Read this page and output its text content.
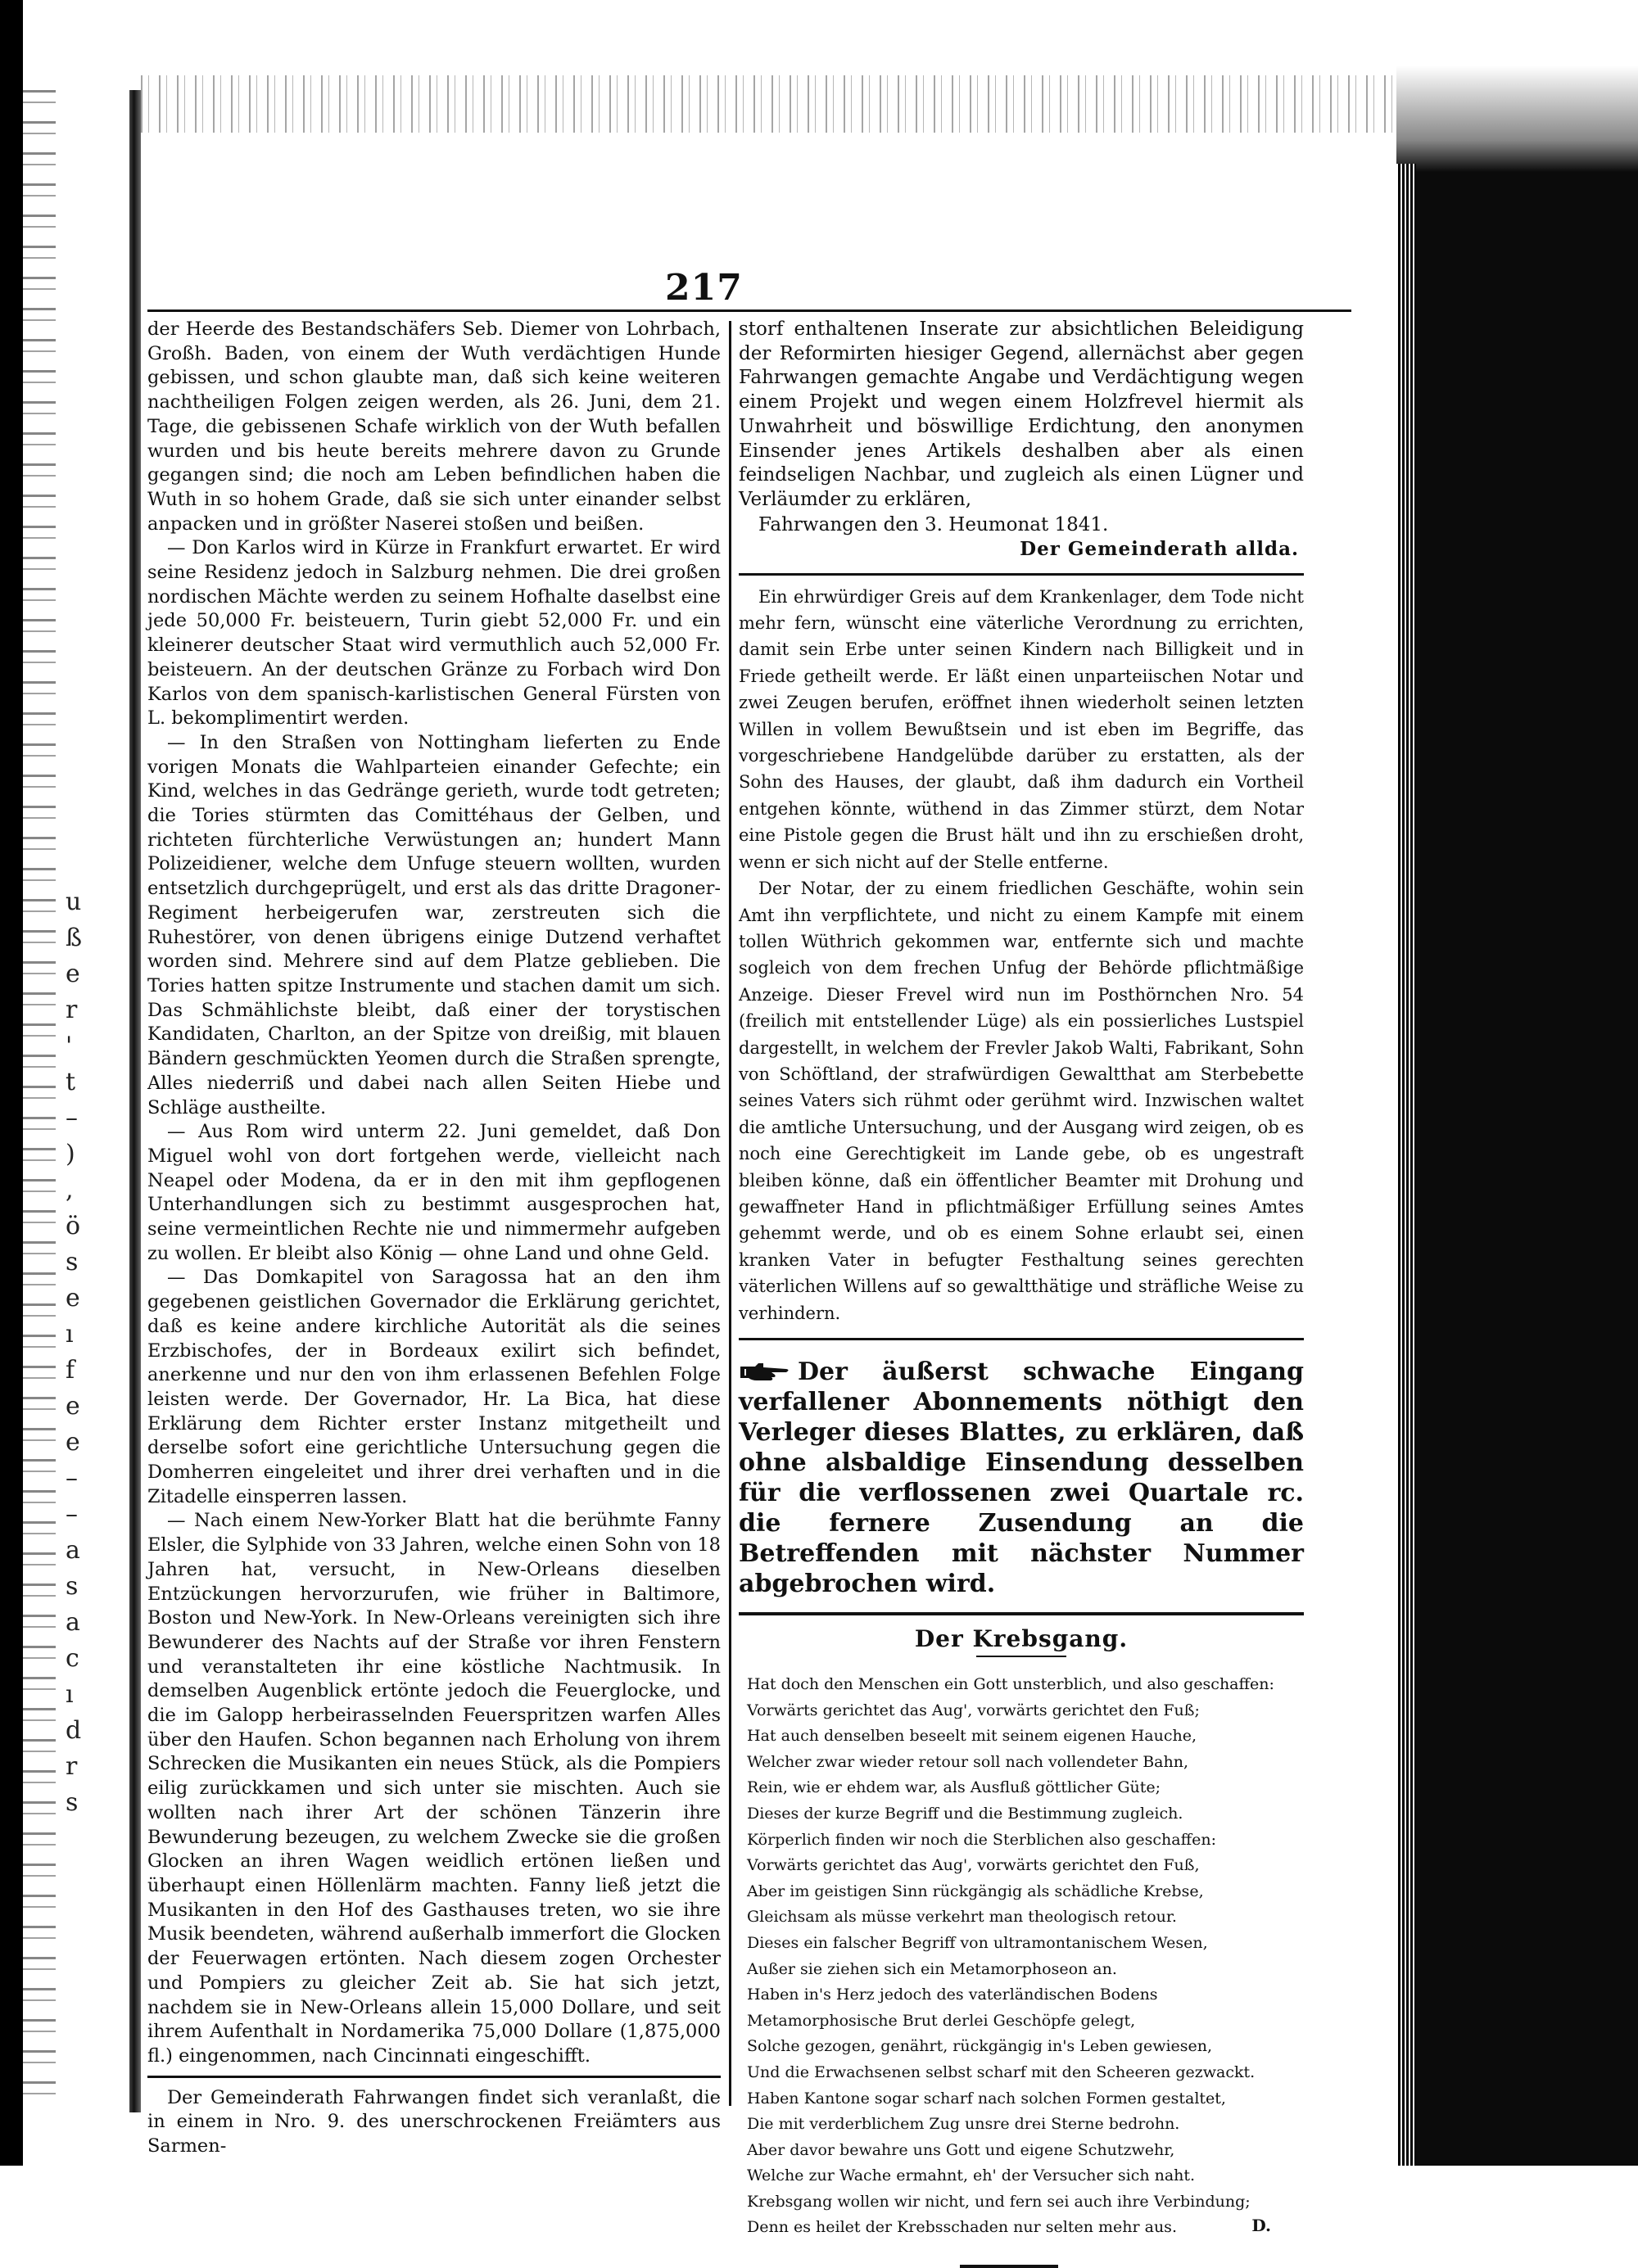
u
ß
e
r
'
t
–
)
,
ö
s
e
ı
f
e
e
–
–
a
s
a
c
ı
d
r
s
217

der Heerde des Bestandschäfers Seb. Diemer von Lohrbach, Großh. Baden, von einem der Wuth verdächtigen Hunde gebissen, und schon glaubte man, daß sich keine weiteren nachtheiligen Folgen zeigen werden, als 26. Juni, dem 21. Tage, die gebissenen Schafe wirklich von der Wuth befallen wurden und bis heute bereits mehrere davon zu Grunde gegangen sind; die noch am Leben befindlichen haben die Wuth in so hohem Grade, daß sie sich unter einander selbst anpacken und in größter Naserei stoßen und beißen.

— Don Karlos wird in Kürze in Frankfurt erwartet. Er wird seine Residenz jedoch in Salzburg nehmen. Die drei großen nordischen Mächte werden zu seinem Hofhalte daselbst eine jede 50,000 Fr. beisteuern, Turin giebt 52,000 Fr. und ein kleinerer deutscher Staat wird vermuthlich auch 52,000 Fr. beisteuern. An der deutschen Gränze zu Forbach wird Don Karlos von dem spanisch-karlistischen General Fürsten von L. bekomplimentirt werden.

— In den Straßen von Nottingham lieferten zu Ende vorigen Monats die Wahlparteien einander Gefechte; ein Kind, welches in das Gedränge gerieth, wurde todt getreten; die Tories stürmten das Comittéhaus der Gelben, und richteten fürchterliche Verwüstungen an; hundert Mann Polizeidiener, welche dem Unfuge steuern wollten, wurden entsetzlich durchgeprügelt, und erst als das dritte Dragoner-Regiment herbeigerufen war, zerstreuten sich die Ruhestörer, von denen übrigens einige Dutzend verhaftet worden sind. Mehrere sind auf dem Platze geblieben. Die Tories hatten spitze Instrumente und stachen damit um sich. Das Schmählichste bleibt, daß einer der torystischen Kandidaten, Charlton, an der Spitze von dreißig, mit blauen Bändern geschmückten Yeomen durch die Straßen sprengte, Alles niederriß und dabei nach allen Seiten Hiebe und Schläge austheilte.

— Aus Rom wird unterm 22. Juni gemeldet, daß Don Miguel wohl von dort fortgehen werde, vielleicht nach Neapel oder Modena, da er in den mit ihm gepflogenen Unterhandlungen sich zu bestimmt ausgesprochen hat, seine vermeintlichen Rechte nie und nimmermehr aufgeben zu wollen. Er bleibt also König — ohne Land und ohne Geld.

— Das Domkapitel von Saragossa hat an den ihm gegebenen geistlichen Governador die Erklärung gerichtet, daß es keine andere kirchliche Autorität als die seines Erzbischofes, der in Bordeaux exilirt sich befindet, anerkenne und nur den von ihm erlassenen Befehlen Folge leisten werde. Der Governador, Hr. La Bica, hat diese Erklärung dem Richter erster Instanz mitgetheilt und derselbe sofort eine gerichtliche Untersuchung gegen die Domherren eingeleitet und ihrer drei verhaften und in die Zitadelle einsperren lassen.

— Nach einem New-Yorker Blatt hat die berühmte Fanny Elsler, die Sylphide von 33 Jahren, welche einen Sohn von 18 Jahren hat, versucht, in New-Orleans dieselben Entzückungen hervorzurufen, wie früher in Baltimore, Boston und New-York. In New-Orleans vereinigten sich ihre Bewunderer des Nachts auf der Straße vor ihren Fenstern und veranstalteten ihr eine köstliche Nachtmusik. In demselben Augenblick ertönte jedoch die Feuerglocke, und die im Galopp herbeirasselnden Feuerspritzen warfen Alles über den Haufen. Schon begannen nach Erholung von ihrem Schrecken die Musikanten ein neues Stück, als die Pompiers eilig zurückkamen und sich unter sie mischten. Auch sie wollten nach ihrer Art der schönen Tänzerin ihre Bewunderung bezeugen, zu welchem Zwecke sie die großen Glocken an ihren Wagen weidlich ertönen ließen und überhaupt einen Höllenlärm machten. Fanny ließ jetzt die Musikanten in den Hof des Gasthauses treten, wo sie ihre Musik beendeten, während außerhalb immerfort die Glocken der Feuerwagen ertönten. Nach diesem zogen Orchester und Pompiers zu gleicher Zeit ab. Sie hat sich jetzt, nachdem sie in New-Orleans allein 15,000 Dollare, und seit ihrem Aufenthalt in Nordamerika 75,000 Dollare (1,875,000 fl.) eingenommen, nach Cincinnati eingeschifft.

Der Gemeinderath Fahrwangen findet sich veranlaßt, die in einem in Nro. 9. des unerschrockenen Freiämters aus Sarmen-

storf enthaltenen Inserate zur absichtlichen Beleidigung der Reformirten hiesiger Gegend, allernächst aber gegen Fahrwangen gemachte Angabe und Verdächtigung wegen einem Projekt und wegen einem Holzfrevel hiermit als Unwahrheit und böswillige Erdichtung, den anonymen Einsender jenes Artikels deshalben aber als einen feindseligen Nachbar, und zugleich als einen Lügner und Verläumder zu erklären,

Fahrwangen den 3. Heumonat 1841.

Der Gemeinderath allda.

Ein ehrwürdiger Greis auf dem Krankenlager, dem Tode nicht mehr fern, wünscht eine väterliche Verordnung zu errichten, damit sein Erbe unter seinen Kindern nach Billigkeit und in Friede getheilt werde. Er läßt einen unparteiischen Notar und zwei Zeugen berufen, eröffnet ihnen wiederholt seinen letzten Willen in vollem Bewußtsein und ist eben im Begriffe, das vorgeschriebene Handgelübde darüber zu erstatten, als der Sohn des Hauses, der glaubt, daß ihm dadurch ein Vortheil entgehen könnte, wüthend in das Zimmer stürzt, dem Notar eine Pistole gegen die Brust hält und ihn zu erschießen droht, wenn er sich nicht auf der Stelle entferne.

Der Notar, der zu einem friedlichen Geschäfte, wohin sein Amt ihn verpflichtete, und nicht zu einem Kampfe mit einem tollen Wüthrich gekommen war, entfernte sich und machte sogleich von dem frechen Unfug der Behörde pflichtmäßige Anzeige. Dieser Frevel wird nun im Posthörnchen Nro. 54 (freilich mit entstellender Lüge) als ein possierliches Lustspiel dargestellt, in welchem der Frevler Jakob Walti, Fabrikant, Sohn von Schöftland, der strafwürdigen Gewaltthat am Sterbebette seines Vaters sich rühmt oder gerühmt wird. Inzwischen waltet die amtliche Untersuchung, und der Ausgang wird zeigen, ob es noch eine Gerechtigkeit im Lande gebe, ob es ungestraft bleiben könne, daß ein öffentlicher Beamter mit Drohung und gewaffneter Hand in pflichtmäßiger Erfüllung seines Amtes gehemmt werde, und ob es einem Sohne erlaubt sei, einen kranken Vater in befugter Festhaltung seines gerechten väterlichen Willens auf so gewaltthätige und sträfliche Weise zu verhindern.

Der äußerst schwache Eingang verfallener Abonnements nöthigt den Verleger dieses Blattes, zu erklären, daß ohne alsbaldige Einsendung desselben für die verflossenen zwei Quartale rc. die fernere Zusendung an die Betreffenden mit nächster Nummer abgebrochen wird.

Der Krebsgang.
Hat doch den Menschen ein Gott unsterblich, und also geschaffen:
Vorwärts gerichtet das Aug', vorwärts gerichtet den Fuß;
Hat auch denselben beseelt mit seinem eigenen Hauche,
Welcher zwar wieder retour soll nach vollendeter Bahn,
Rein, wie er ehdem war, als Ausfluß göttlicher Güte;
Dieses der kurze Begriff und die Bestimmung zugleich.
Körperlich finden wir noch die Sterblichen also geschaffen:
Vorwärts gerichtet das Aug', vorwärts gerichtet den Fuß,
Aber im geistigen Sinn rückgängig als schädliche Krebse,
Gleichsam als müsse verkehrt man theologisch retour.
Dieses ein falscher Begriff von ultramontanischem Wesen,
Außer sie ziehen sich ein Metamorphoseon an.
Haben in's Herz jedoch des vaterländischen Bodens
Metamorphosische Brut derlei Geschöpfe gelegt,
Solche gezogen, genährt, rückgängig in's Leben gewiesen,
Und die Erwachsenen selbst scharf mit den Scheeren gezwackt.
Haben Kantone sogar scharf nach solchen Formen gestaltet,
Die mit verderblichem Zug unsre drei Sterne bedrohn.
Aber davor bewahre uns Gott und eigene Schutzwehr,
Welche zur Wache ermahnt, eh' der Versucher sich naht.
Krebsgang wollen wir nicht, und fern sei auch ihre Verbindung;
Denn es heilet der Krebsschaden nur selten mehr aus.	D.
